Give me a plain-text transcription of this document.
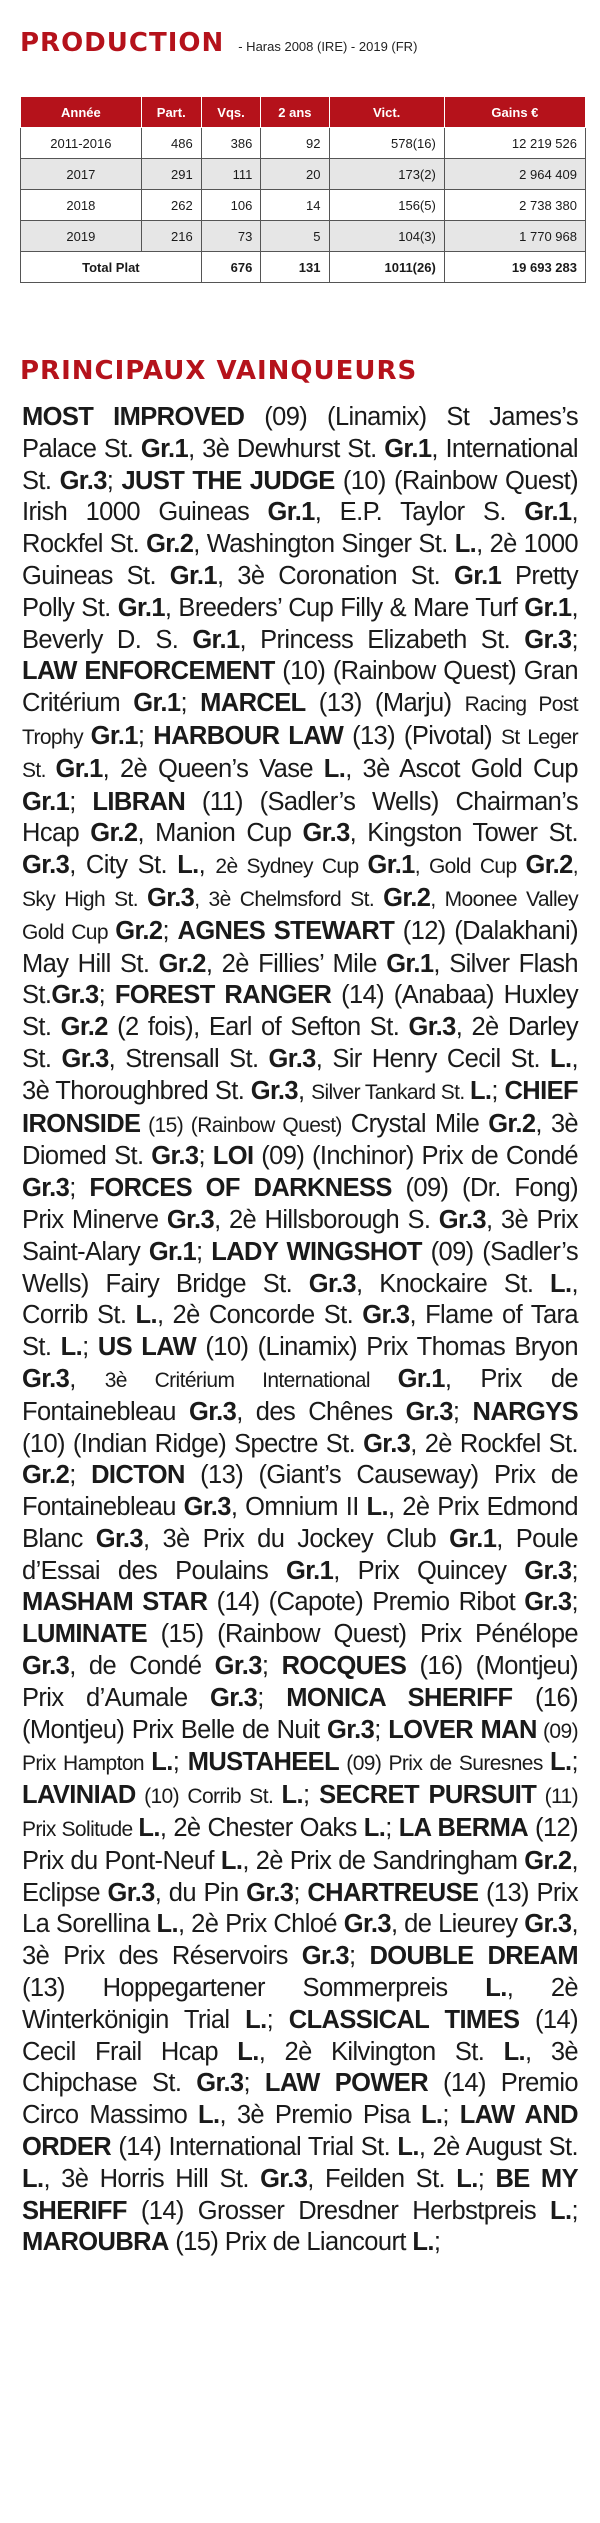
PRODUCTION - Haras 2008 (IRE) - 2019 (FR)
Année	Part.	Vqs.	2 ans	Vict.	Gains €
2011-2016	486	386	92	578(16)	12 219 526
2017	291	111	20	173(2)	2 964 409
2018	262	106	14	156(5)	2 738 380
2019	216	73	5	104(3)	1 770 968
Total Plat		676	131	1011(26)	19 693 283
PRINCIPAUX VAINQUEURS
MOST IMPROVED (09) (Linamix) St James’s Palace St. Gr.1, 3è Dewhurst St. Gr.1, International St. Gr.3; JUST THE JUDGE (10) (Rainbow Quest) Irish 1000 Guineas Gr.1, E.P. Taylor S. Gr.1, Rockfel St. Gr.2, Washington Singer St. L., 2è 1000 Guineas St. Gr.1, 3è Coronation St. Gr.1 Pretty Polly St. Gr.1, Breeders’ Cup Filly & Mare Turf Gr.1, Beverly D. S. Gr.1, Princess Elizabeth St. Gr.3; LAW ENFORCEMENT (10) (Rainbow Quest) Gran Critérium Gr.1; MARCEL (13) (Marju) Racing Post Trophy Gr.1; HARBOUR LAW (13) (Pivotal) St Leger St. Gr.1, 2è Queen’s Vase L., 3è Ascot Gold Cup Gr.1; LIBRAN (11) (Sadler’s Wells) Chairman’s Hcap Gr.2, Manion Cup Gr.3, Kingston Tower St. Gr.3, City St. L., 2è Sydney Cup Gr.1, Gold Cup Gr.2, Sky High St. Gr.3, 3è Chelmsford St. Gr.2, Moonee Valley Gold Cup Gr.2; AGNES STEWART (12) (Dalakhani) May Hill St. Gr.2, 2è Fillies’ Mile Gr.1, Silver Flash St.Gr.3; FOREST RANGER (14) (Anabaa) Huxley St. Gr.2 (2 fois), Earl of Sefton St. Gr.3, 2è Darley St. Gr.3, Strensall St. Gr.3, Sir Henry Cecil St. L., 3è Thoroughbred St. Gr.3, Silver Tankard St. L.; CHIEF IRONSIDE (15) (Rainbow Quest) Crystal Mile Gr.2, 3è Diomed St. Gr.3; LOI (09) (Inchinor) Prix de Condé Gr.3; FORCES OF DARKNESS (09) (Dr. Fong) Prix Minerve Gr.3, 2è Hillsborough S. Gr.3, 3è Prix Saint-Alary Gr.1; LADY WINGSHOT (09) (Sadler’s Wells) Fairy Bridge St. Gr.3, Knockaire St. L., Corrib St. L., 2è Concorde St. Gr.3, Flame of Tara St. L.; US LAW (10) (Linamix) Prix Thomas Bryon Gr.3, 3è Critérium International Gr.1, Prix de Fontainebleau Gr.3, des Chênes Gr.3; NARGYS (10) (Indian Ridge) Spectre St. Gr.3, 2è Rockfel St. Gr.2; DICTON (13) (Giant’s Causeway) Prix de Fontainebleau Gr.3, Omnium II L., 2è Prix Edmond Blanc Gr.3, 3è Prix du Jockey Club Gr.1, Poule d’Essai des Poulains Gr.1, Prix Quincey Gr.3; MASHAM STAR (14) (Capote) Premio Ribot Gr.3; LUMINATE (15) (Rainbow Quest) Prix Pénélope Gr.3, de Condé Gr.3; ROCQUES (16) (Montjeu) Prix d’Aumale Gr.3; MONICA SHERIFF (16) (Montjeu) Prix Belle de Nuit Gr.3; LOVER MAN (09) Prix Hampton L.; MUSTAHEEL (09) Prix de Suresnes L.; LAVINIAD (10) Corrib St. L.; SECRET PURSUIT (11) Prix Solitude L., 2è Chester Oaks L.; LA BERMA (12) Prix du Pont-Neuf L., 2è Prix de Sandringham Gr.2, Eclipse Gr.3, du Pin Gr.3; CHARTREUSE (13) Prix La Sorellina L., 2è Prix Chloé Gr.3, de Lieurey Gr.3, 3è Prix des Réservoirs Gr.3; DOUBLE DREAM (13) Hoppegartener Sommerpreis L., 2è Winterkönigin Trial L.; CLASSICAL TIMES (14) Cecil Frail Hcap L., 2è Kilvington St. L., 3è Chipchase St. Gr.3; LAW POWER (14) Premio Circo Massimo L., 3è Premio Pisa L.; LAW AND ORDER (14) International Trial St. L., 2è August St. L., 3è Horris Hill St. Gr.3, Feilden St. L.; BE MY SHERIFF (14) Grosser Dresdner Herbstpreis L.; MAROUBRA (15) Prix de Liancourt L.;
